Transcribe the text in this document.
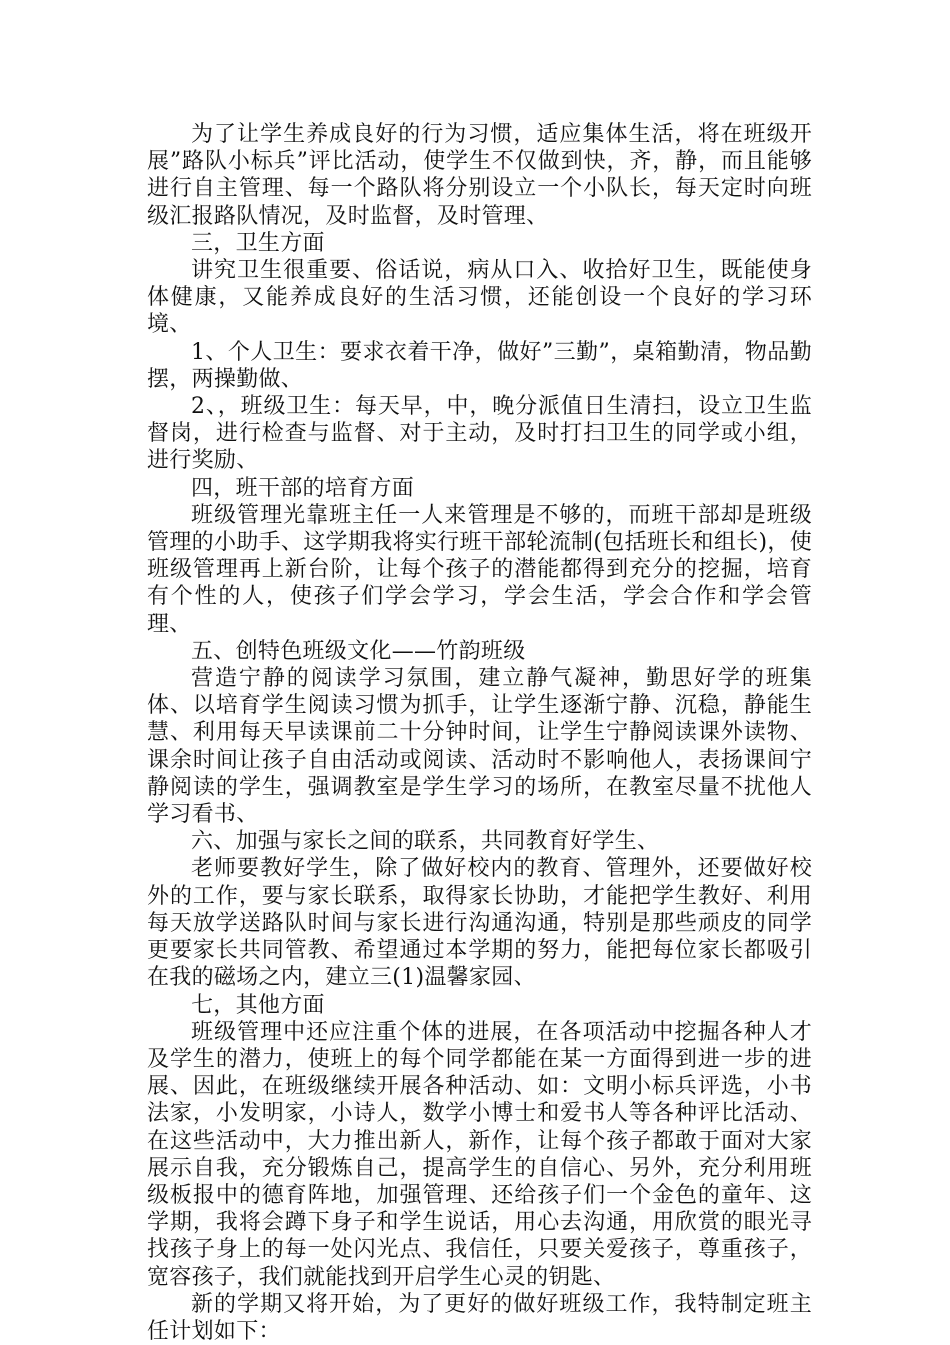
为了让学生养成良好的行为习惯，适应集体生活，将在班级开展”路队小标兵”评比活动，使学生不仅做到快，齐，静，而且能够进行自主管理、每一个路队将分别设立一个小队长，每天定时向班级汇报路队情况，及时监督，及时管理、

三，卫生方面

讲究卫生很重要、俗话说，病从口入、收拾好卫生，既能使身体健康，又能养成良好的生活习惯，还能创设一个良好的学习环境、

1、个人卫生：要求衣着干净，做好”三勤”，桌箱勤清，物品勤摆，两操勤做、

2、，班级卫生：每天早，中，晚分派值日生清扫，设立卫生监督岗，进行检查与监督、对于主动，及时打扫卫生的同学或小组，进行奖励、

四，班干部的培育方面

班级管理光靠班主任一人来管理是不够的，而班干部却是班级管理的小助手、这学期我将实行班干部轮流制(包括班长和组长)，使班级管理再上新台阶，让每个孩子的潜能都得到充分的挖掘，培育有个性的人，使孩子们学会学习，学会生活，学会合作和学会管理、

五、创特色班级文化——竹韵班级

营造宁静的阅读学习氛围，建立静气凝神，勤思好学的班集体、以培育学生阅读习惯为抓手，让学生逐渐宁静、沉稳，静能生慧、利用每天早读课前二十分钟时间，让学生宁静阅读课外读物、课余时间让孩子自由活动或阅读、活动时不影响他人，表扬课间宁静阅读的学生，强调教室是学生学习的场所，在教室尽量不扰他人学习看书、

六、加强与家长之间的联系，共同教育好学生、

老师要教好学生，除了做好校内的教育、管理外，还要做好校外的工作，要与家长联系，取得家长协助，才能把学生教好、利用每天放学送路队时间与家长进行沟通沟通，特别是那些顽皮的同学更要家长共同管教、希望通过本学期的努力，能把每位家长都吸引在我的磁场之内，建立三(1)温馨家园、

七，其他方面

班级管理中还应注重个体的进展，在各项活动中挖掘各种人才及学生的潜力，使班上的每个同学都能在某一方面得到进一步的进展、因此，在班级继续开展各种活动、如：文明小标兵评选，小书法家，小发明家，小诗人，数学小博士和爱书人等各种评比活动、在这些活动中，大力推出新人，新作，让每个孩子都敢于面对大家展示自我，充分锻炼自己，提高学生的自信心、另外，充分利用班级板报中的德育阵地，加强管理、还给孩子们一个金色的童年、这学期，我将会蹲下身子和学生说话，用心去沟通，用欣赏的眼光寻找孩子身上的每一处闪光点、我信任，只要关爱孩子，尊重孩子，宽容孩子，我们就能找到开启学生心灵的钥匙、

新的学期又将开始，为了更好的做好班级工作，我特制定班主任计划如下：
